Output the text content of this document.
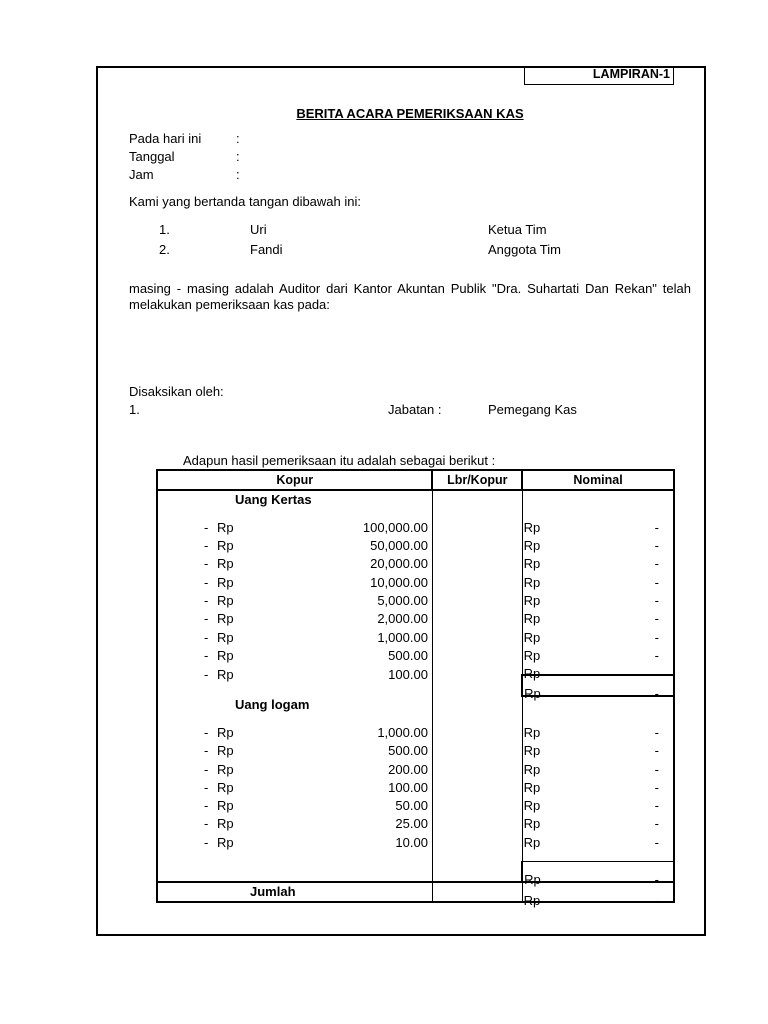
LAMPIRAN-1
BERITA ACARA PEMERIKSAAN KAS
Pada hari ini	:
Tanggal	:
Jam	:
Kami yang bertanda tangan dibawah ini:
1.	Uri	Ketua Tim
2.	Fandi	Anggota Tim
masing - masing adalah Auditor dari Kantor Akuntan Publik "Dra. Suhartati Dan Rekan" telah melakukan pemeriksaan kas pada:
Disaksikan oleh:
1.	Jabatan :	Pemegang Kas
Adapun hasil pemeriksaan itu adalah sebagai berikut :
Kopur	Lbr/Kopur	Nominal
Uang Kertas		

- Rp 100,000.00		Rp -

- Rp 50,000.00		Rp -

- Rp 20,000.00		Rp -

- Rp 10,000.00		Rp -

- Rp 5,000.00		Rp -

- Rp 2,000.00		Rp -

- Rp 1,000.00		Rp -

- Rp 500.00		Rp -

- Rp 100.00		Rp -

		Rp -

Uang logam		

- Rp 1,000.00		Rp -

- Rp 500.00		Rp -

- Rp 200.00		Rp -

- Rp 100.00		Rp -

- Rp 50.00		Rp -

- Rp 25.00		Rp -

- Rp 10.00		Rp -

		Rp -

Jumlah		Rp -
